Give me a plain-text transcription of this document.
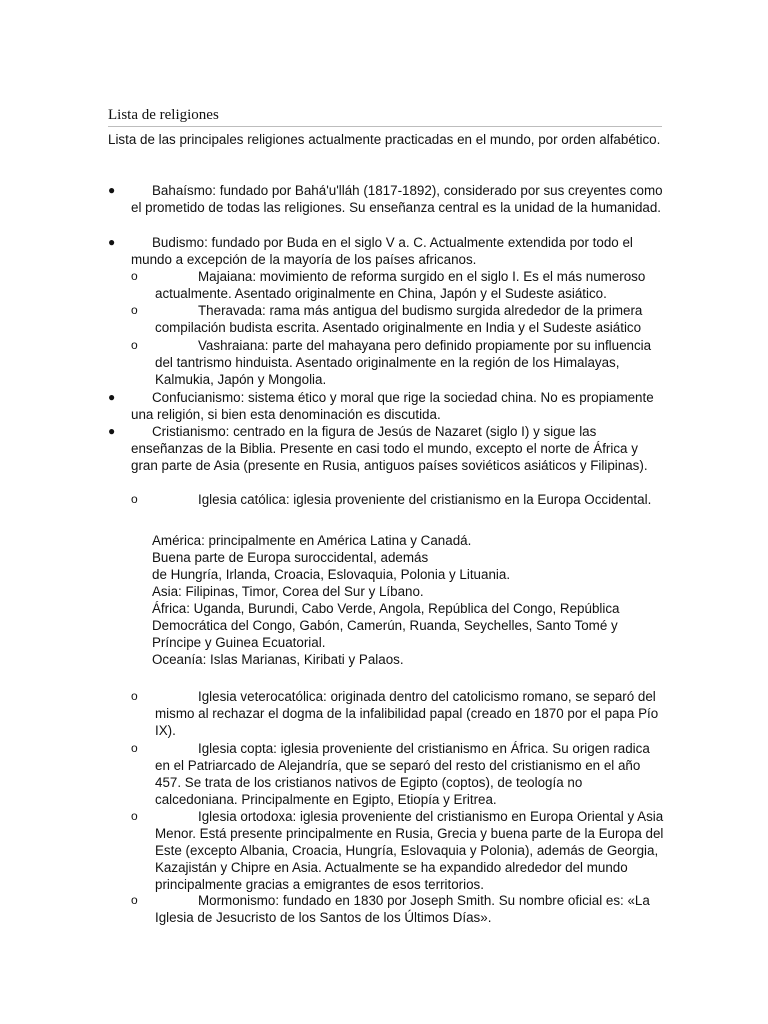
Lista de religiones
Lista de las principales religiones actualmente practicadas en el mundo, por orden alfabético.
●	Bahaísmo: fundado por Bahá'u'lláh (1817-1892), considerado por sus creyentes como el prometido de todas las religiones. Su enseñanza central es la unidad de la humanidad.
●	Budismo: fundado por Buda en el siglo V a. C. Actualmente extendida por todo el mundo a excepción de la mayoría de los países africanos.
o	Majaiana: movimiento de reforma surgido en el siglo I. Es el más numeroso actualmente. Asentado originalmente en China, Japón y el Sudeste asiático.
o	Theravada: rama más antigua del budismo surgida alrededor de la primera compilación budista escrita. Asentado originalmente en India y el Sudeste asiático
o	Vashraiana: parte del mahayana pero definido propiamente por su influencia del tantrismo hinduista. Asentado originalmente en la región de los Himalayas, Kalmukia, Japón y Mongolia.
●	Confucianismo: sistema ético y moral que rige la sociedad china. No es propiamente una religión, si bien esta denominación es discutida.
●	Cristianismo: centrado en la figura de Jesús de Nazaret (siglo I) y sigue las enseñanzas de la Biblia. Presente en casi todo el mundo, excepto el norte de África y gran parte de Asia (presente en Rusia, antiguos países soviéticos asiáticos y Filipinas).
o	Iglesia católica: iglesia proveniente del cristianismo en la Europa Occidental.
América: principalmente en América Latina y Canadá.
Buena parte de Europa suroccidental, además
de Hungría, Irlanda, Croacia, Eslovaquia, Polonia y Lituania.
Asia: Filipinas, Timor, Corea del Sur y Líbano.
África: Uganda, Burundi, Cabo Verde, Angola, República del Congo, República Democrática del Congo, Gabón, Camerún, Ruanda, Seychelles, Santo Tomé y Príncipe y Guinea Ecuatorial.
Oceanía: Islas Marianas, Kiribati y Palaos.
o	Iglesia veterocatólica: originada dentro del catolicismo romano, se separó del mismo al rechazar el dogma de la infalibilidad papal (creado en 1870 por el papa Pío IX).
o	Iglesia copta: iglesia proveniente del cristianismo en África. Su origen radica en el Patriarcado de Alejandría, que se separó del resto del cristianismo en el año 457. Se trata de los cristianos nativos de Egipto (coptos), de teología no calcedoniana. Principalmente en Egipto, Etiopía y Eritrea.
o	Iglesia ortodoxa: iglesia proveniente del cristianismo en Europa Oriental y Asia Menor. Está presente principalmente en Rusia, Grecia y buena parte de la Europa del Este (excepto Albania, Croacia, Hungría, Eslovaquia y Polonia), además de Georgia, Kazajistán y Chipre en Asia. Actualmente se ha expandido alrededor del mundo principalmente gracias a emigrantes de esos territorios.
o	Mormonismo: fundado en 1830 por Joseph Smith. Su nombre oficial es: «La Iglesia de Jesucristo de los Santos de los Últimos Días».
